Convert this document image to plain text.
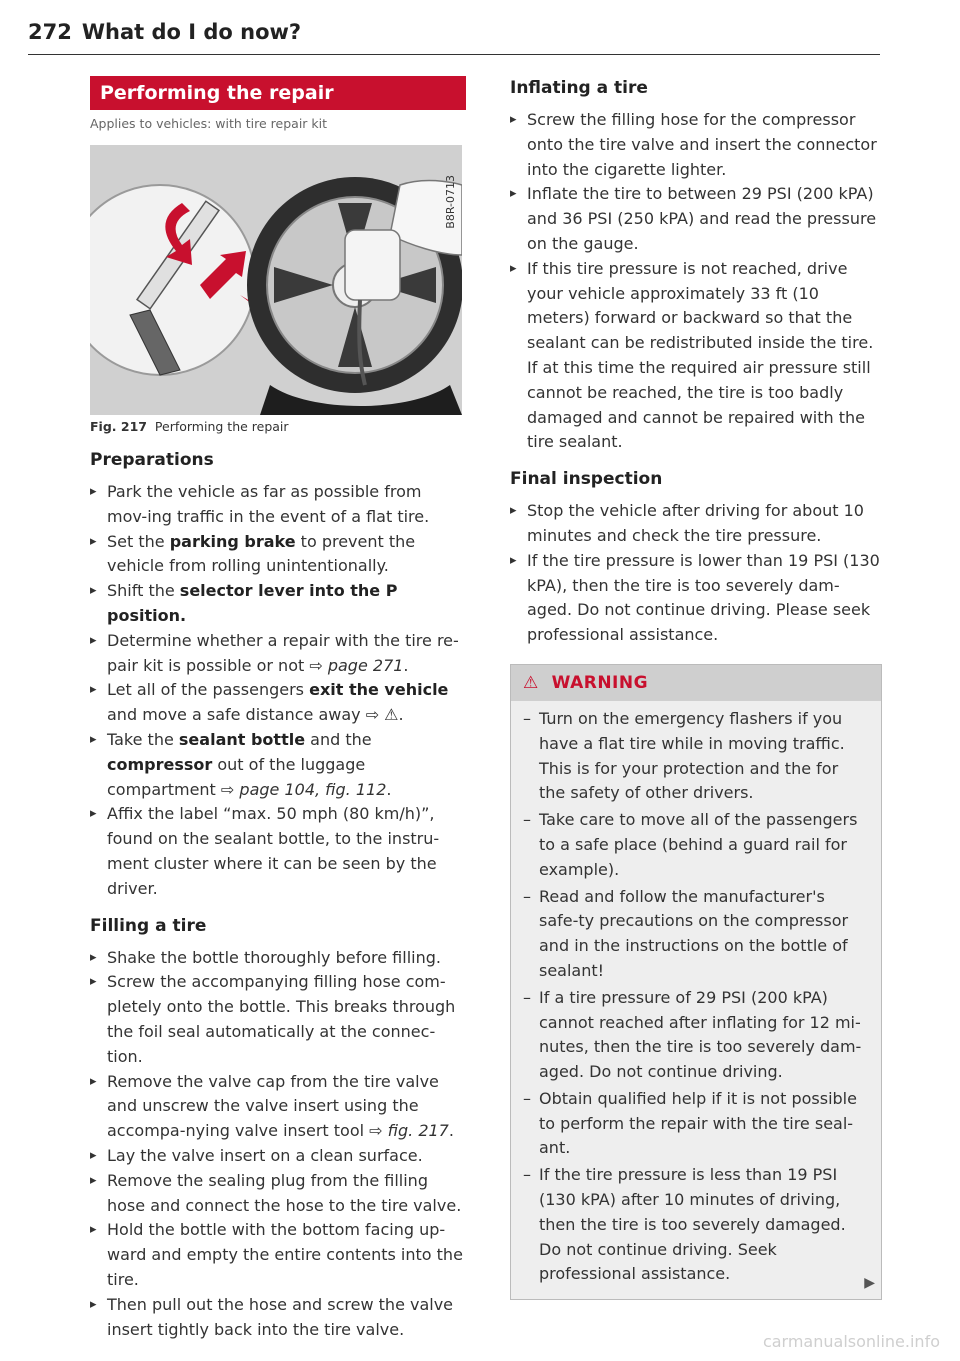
272 What do I do now?
Performing the repair
Applies to vehicles: with tire repair kit
B8R-0713
Fig. 217 Performing the repair
Preparations
▸ Park the vehicle as far as possible from mov-ing traffic in the event of a flat tire.
▸ Set the parking brake to prevent the vehicle from rolling unintentionally.
▸ Shift the selector lever into the P position.
▸ Determine whether a repair with the tire re-pair kit is possible or not ⇨ page 271.
▸ Let all of the passengers exit the vehicle and move a safe distance away ⇨ ⚠.
▸ Take the sealant bottle and the compressor out of the luggage compartment ⇨ page 104, fig. 112.
▸ Affix the label “max. 50 mph (80 km/h)”, found on the sealant bottle, to the instru-ment cluster where it can be seen by the driver.
Filling a tire
▸ Shake the bottle thoroughly before filling.
▸ Screw the accompanying filling hose com-pletely onto the bottle. This breaks through the foil seal automatically at the connec-tion.
▸ Remove the valve cap from the tire valve and unscrew the valve insert using the accompa-nying valve insert tool ⇨ fig. 217.
▸ Lay the valve insert on a clean surface.
▸ Remove the sealing plug from the filling hose and connect the hose to the tire valve.
▸ Hold the bottle with the bottom facing up-ward and empty the entire contents into the tire.
▸ Then pull out the hose and screw the valve insert tightly back into the tire valve.
Inflating a tire
▸ Screw the filling hose for the compressor onto the tire valve and insert the connector into the cigarette lighter.
▸ Inflate the tire to between 29 PSI (200 kPA) and 36 PSI (250 kPA) and read the pressure on the gauge.
▸ If this tire pressure is not reached, drive your vehicle approximately 33 ft (10 meters) forward or backward so that the sealant can be redistributed inside the tire. If at this time the required air pressure still cannot be reached, the tire is too badly damaged and cannot be repaired with the tire sealant.
Final inspection
▸ Stop the vehicle after driving for about 10 minutes and check the tire pressure.
▸ If the tire pressure is lower than 19 PSI (130 kPA), then the tire is too severely dam-aged. Do not continue driving. Please seek professional assistance.
⚠ WARNING
– Turn on the emergency flashers if you have a flat tire while in moving traffic. This is for your protection and the for the safety of other drivers.
– Take care to move all of the passengers to a safe place (behind a guard rail for example).
– Read and follow the manufacturer's safe-ty precautions on the compressor and in the instructions on the bottle of sealant!
– If a tire pressure of 29 PSI (200 kPA) cannot reached after inflating for 12 mi-nutes, then the tire is too severely dam-aged. Do not continue driving.
– Obtain qualified help if it is not possible to perform the repair with the tire seal-ant.
– If the tire pressure is less than 19 PSI (130 kPA) after 10 minutes of driving, then the tire is too severely damaged. Do not continue driving. Seek professional assistance.	▶
carmanualsonline.info
